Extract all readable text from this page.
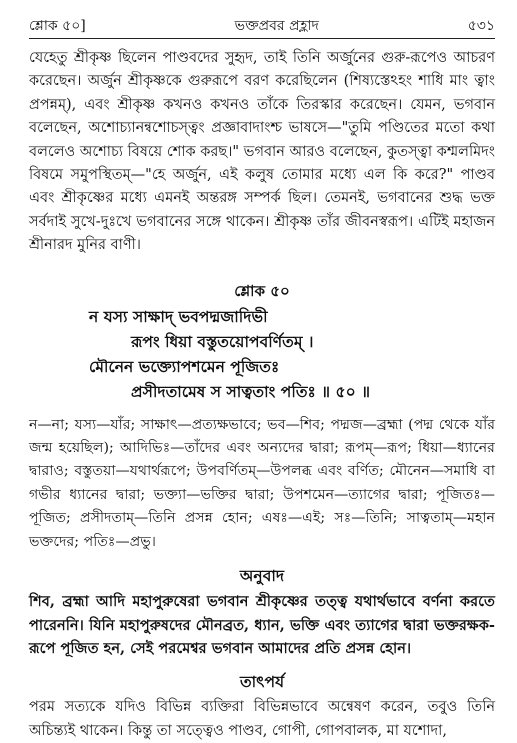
শ্লোক ৫০]	ভক্তপ্রবর প্রহ্লাদ	৫৩১

যেহেতু শ্রীকৃষ্ণ ছিলেন পাণ্ডবদের সুহৃদ, তাই তিনি অর্জুনের গুরু-রূপেও আচরণ করেছেন। অর্জুন শ্রীকৃষ্ণকে গুরুরূপে বরণ করেছিলেন (শিষ্যস্তেঽহং শাধি মাং ত্বাং প্রপন্নম্), এবং শ্রীকৃষ্ণ কখনও কখনও তাঁকে তিরস্কার করেছেন। যেমন, ভগবান বলেছেন, অশোচ্যানন্বশোচস্ত্বং প্রজ্ঞাবাদাংশ্চ ভাষসে—"তুমি পণ্ডিতের মতো কথা বললেও অশোচ্য বিষয়ে শোক করছ।" ভগবান আরও বলেছেন, কুতস্ত্বা কশ্মলমিদং বিষমে সমুপস্থিতম্—"হে অর্জুন, এই কলুষ তোমার মধ্যে এল কি করে?" পাণ্ডব এবং শ্রীকৃষ্ণের মধ্যে এমনই অন্তরঙ্গ সম্পর্ক ছিল। তেমনই, ভগবানের শুদ্ধ ভক্ত সর্বদাই সুখে-দুঃখে ভগবানের সঙ্গে থাকেন। শ্রীকৃষ্ণ তাঁর জীবনস্বরূপ। এটিই মহাজন শ্রীনারদ মুনির বাণী।

শ্লোক ৫০
ন যস্য সাক্ষাদ্ ভবপদ্মজাদিভী
রূপং ধিয়া বস্তুতয়োপবর্ণিতম্ ।
মৌনেন ভক্ত্যোপশমেন পূজিতঃ
প্রসীদতামেষ স সাত্বতাং পতিঃ ॥ ৫০ ॥
ন—না; যস্য—যাঁর; সাক্ষাৎ—প্রত্যক্ষভাবে; ভব—শিব; পদ্মজ—ব্রহ্মা (পদ্ম থেকে যাঁর জন্ম হয়েছিল); আদিভিঃ—তাঁদের এবং অন্যদের দ্বারা; রূপম্—রূপ; ধিয়া—ধ্যানের দ্বারাও; বস্তুতয়া—যথার্থরূপে; উপবর্ণিতম্—উপলব্ধ এবং বর্ণিত; মৌনেন—সমাধি বা গভীর ধ্যানের দ্বারা; ভক্ত্যা—ভক্তির দ্বারা; উপশমেন—ত্যাগের দ্বারা; পূজিতঃ—পূজিত; প্রসীদতাম্—তিনি প্রসন্ন হোন; এষঃ—এই; সঃ—তিনি; সাত্বতাম্—মহান ভক্তদের; পতিঃ—প্রভু।
অনুবাদ
শিব, ব্রহ্মা আদি মহাপুরুষেরা ভগবান শ্রীকৃষ্ণের তত্ত্ব যথার্থভাবে বর্ণনা করতে পারেননি। যিনি মহাপুরুষদের মৌনব্রত, ধ্যান, ভক্তি এবং ত্যাগের দ্বারা ভক্তরক্ষক-রূপে পূজিত হন, সেই পরমেশ্বর ভগবান আমাদের প্রতি প্রসন্ন হোন।
তাৎপর্য
পরম সত্যকে যদিও বিভিন্ন ব্যক্তিরা বিভিন্নভাবে অন্বেষণ করেন, তবুও তিনি অচিন্ত্যই থাকেন। কিন্তু তা সত্ত্বেও পাণ্ডব, গোপী, গোপবালক, মা যশোদা,
